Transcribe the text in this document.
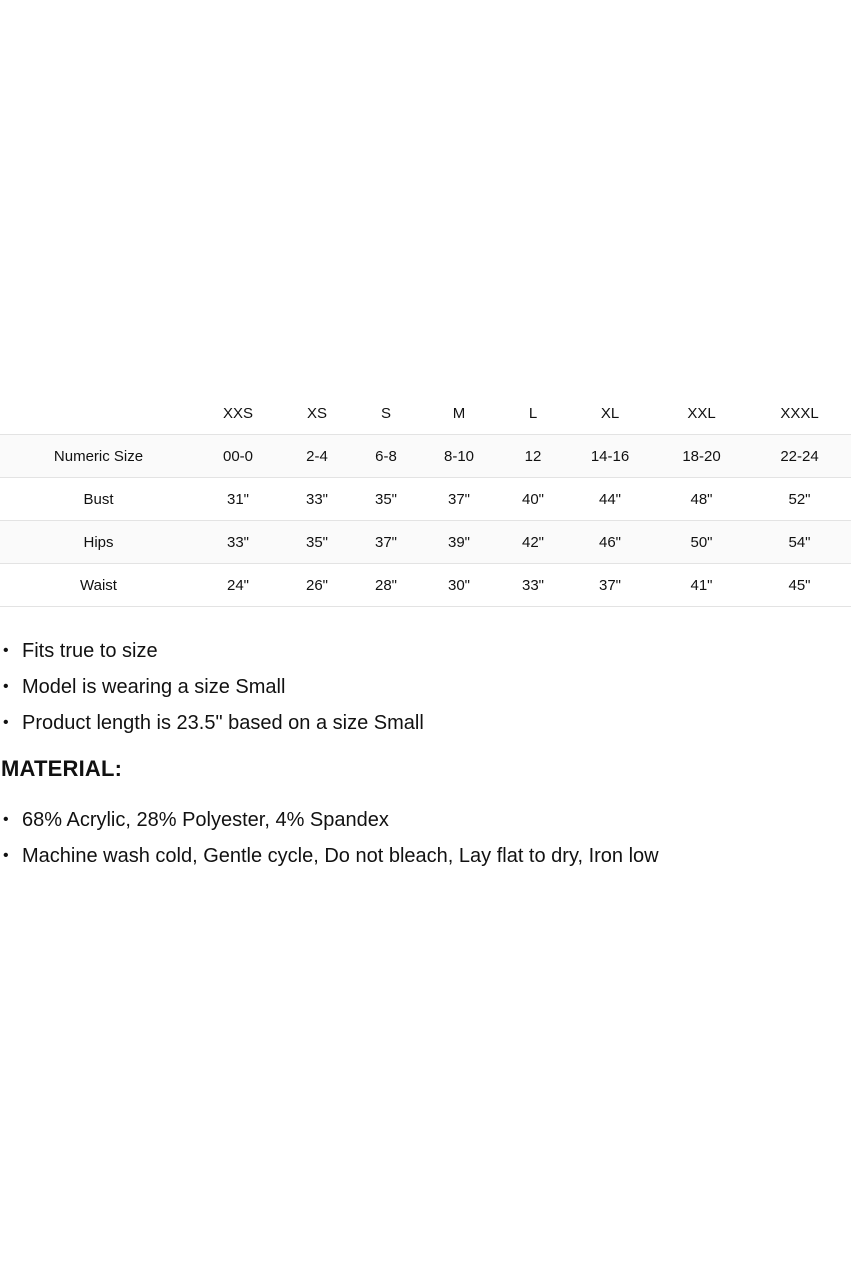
	XXS	XS	S	M	L	XL	XXL	XXXL
Numeric Size	00-0	2-4	6-8	8-10	12	14-16	18-20	22-24
Bust	31"	33"	35"	37"	40"	44"	48"	52"
Hips	33"	35"	37"	39"	42"	46"	50"	54"
Waist	24"	26"	28"	30"	33"	37"	41"	45"
• Fits true to size
• Model is wearing a size Small
• Product length is 23.5" based on a size Small
MATERIAL:
• 68% Acrylic, 28% Polyester, 4% Spandex
• Machine wash cold, Gentle cycle, Do not bleach, Lay flat to dry, Iron low
